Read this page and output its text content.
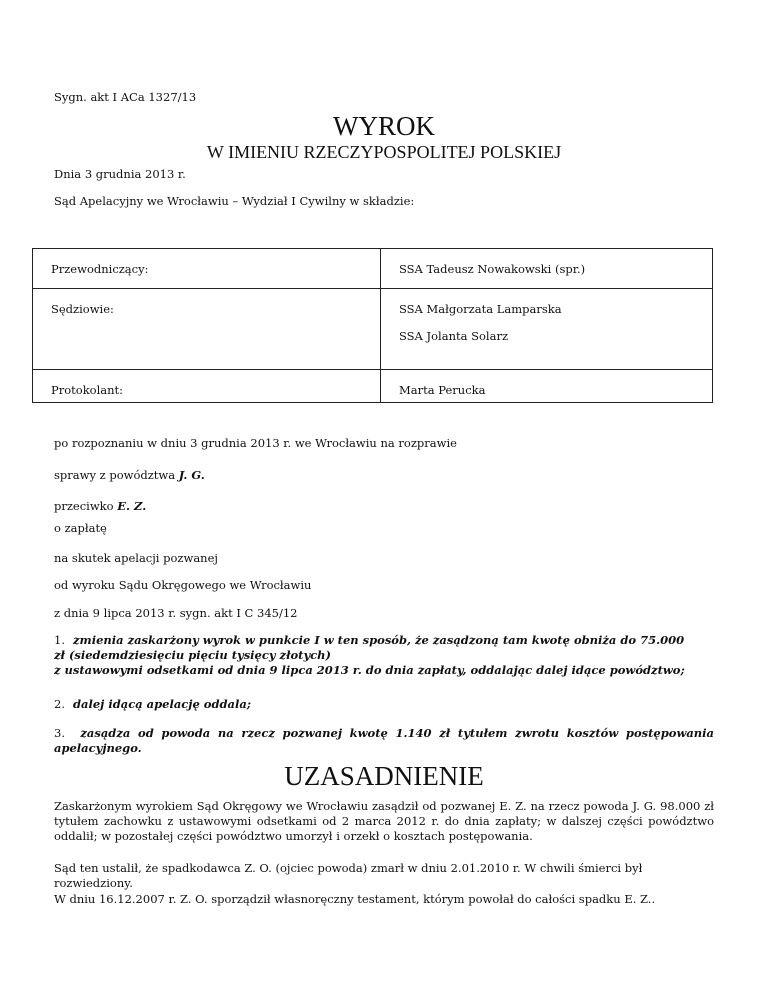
Sygn. akt I ACa 1327/13

WYROK
W IMIENIU RZECZYPOSPOLITEJ POLSKIEJ

Dnia 3 grudnia 2013 r.

Sąd Apelacyjny we Wrocławiu – Wydział I Cywilny w składzie:

Przewodniczący:	SSA Tadeusz Nowakowski (spr.)
Sędziowie:	SSA Małgorzata Lamparska
SSA Jolanta Solarz

Protokolant:	Marta Perucka

po rozpoznaniu w dniu 3 grudnia 2013 r. we Wrocławiu na rozprawie

sprawy z powództwa J. G.

przeciwko E. Z.

o zapłatę

na skutek apelacji pozwanej

od wyroku Sądu Okręgowego we Wrocławiu

z dnia 9 lipca 2013 r. sygn. akt I C 345/12

1. zmienia zaskarżony wyrok w punkcie I w ten sposób, że zasądzoną tam kwotę obniża do 75.000
zł (siedemdziesięciu pięciu tysięcy złotych)
z ustawowymi odsetkami od dnia 9 lipca 2013 r. do dnia zapłaty, oddalając dalej idące powództwo;
2. dalej idącą apelację oddala;
3. zasądza od powoda na rzecz pozwanej kwotę 1.140 zł tytułem zwrotu kosztów postępowania
apelacyjnego.
UZASADNIENIE

Zaskarżonym wyrokiem Sąd Okręgowy we Wrocławiu zasądził od pozwanej E. Z. na rzecz powoda J. G. 98.000 zł tytułem zachowku z ustawowymi odsetkami od 2 marca 2012 r. do dnia zapłaty; w dalszej części powództwo oddalił; w pozostałej części powództwo umorzył i orzekł o kosztach postępowania.

Sąd ten ustalił, że spadkodawca Z. O. (ojciec powoda) zmarł w dniu 2.01.2010 r. W chwili śmierci był rozwiedziony.

W dniu 16.12.2007 r. Z. O. sporządził własnoręczny testament, którym powołał do całości spadku E. Z..
